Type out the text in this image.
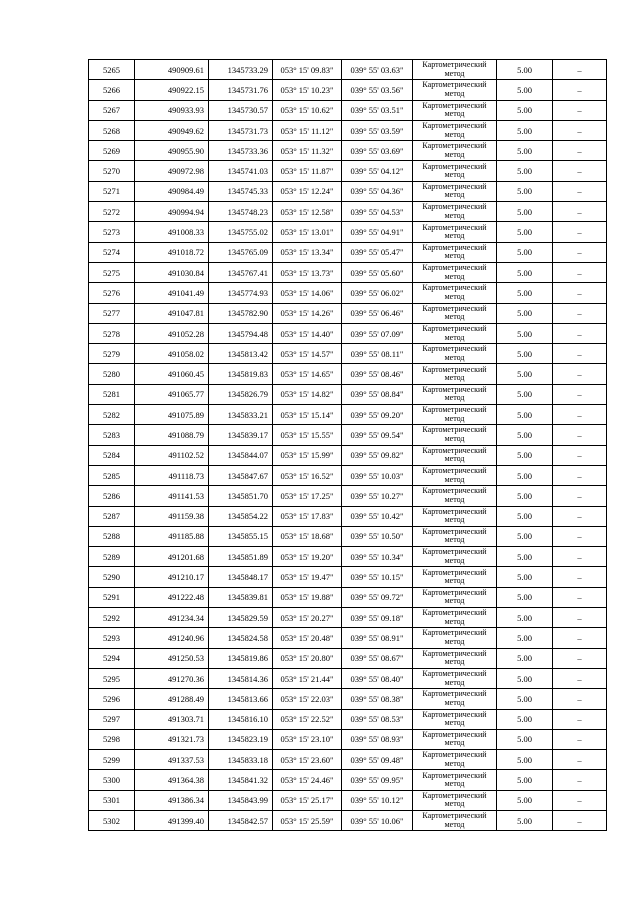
5265	490909.61	1345733.29	053° 15' 09.83"	039° 55' 03.63"	Картометрический метод	5.00	–
5266	490922.15	1345731.76	053° 15' 10.23"	039° 55' 03.56"	Картометрический метод	5.00	–
5267	490933.93	1345730.57	053° 15' 10.62"	039° 55' 03.51"	Картометрический метод	5.00	–
5268	490949.62	1345731.73	053° 15' 11.12"	039° 55' 03.59"	Картометрический метод	5.00	–
5269	490955.90	1345733.36	053° 15' 11.32"	039° 55' 03.69"	Картометрический метод	5.00	–
5270	490972.98	1345741.03	053° 15' 11.87"	039° 55' 04.12"	Картометрический метод	5.00	–
5271	490984.49	1345745.33	053° 15' 12.24"	039° 55' 04.36"	Картометрический метод	5.00	–
5272	490994.94	1345748.23	053° 15' 12.58"	039° 55' 04.53"	Картометрический метод	5.00	–
5273	491008.33	1345755.02	053° 15' 13.01"	039° 55' 04.91"	Картометрический метод	5.00	–
5274	491018.72	1345765.09	053° 15' 13.34"	039° 55' 05.47"	Картометрический метод	5.00	–
5275	491030.84	1345767.41	053° 15' 13.73"	039° 55' 05.60"	Картометрический метод	5.00	–
5276	491041.49	1345774.93	053° 15' 14.06"	039° 55' 06.02"	Картометрический метод	5.00	–
5277	491047.81	1345782.90	053° 15' 14.26"	039° 55' 06.46"	Картометрический метод	5.00	–
5278	491052.28	1345794.48	053° 15' 14.40"	039° 55' 07.09"	Картометрический метод	5.00	–
5279	491058.02	1345813.42	053° 15' 14.57"	039° 55' 08.11"	Картометрический метод	5.00	–
5280	491060.45	1345819.83	053° 15' 14.65"	039° 55' 08.46"	Картометрический метод	5.00	–
5281	491065.77	1345826.79	053° 15' 14.82"	039° 55' 08.84"	Картометрический метод	5.00	–
5282	491075.89	1345833.21	053° 15' 15.14"	039° 55' 09.20"	Картометрический метод	5.00	–
5283	491088.79	1345839.17	053° 15' 15.55"	039° 55' 09.54"	Картометрический метод	5.00	–
5284	491102.52	1345844.07	053° 15' 15.99"	039° 55' 09.82"	Картометрический метод	5.00	–
5285	491118.73	1345847.67	053° 15' 16.52"	039° 55' 10.03"	Картометрический метод	5.00	–
5286	491141.53	1345851.70	053° 15' 17.25"	039° 55' 10.27"	Картометрический метод	5.00	–
5287	491159.38	1345854.22	053° 15' 17.83"	039° 55' 10.42"	Картометрический метод	5.00	–
5288	491185.88	1345855.15	053° 15' 18.68"	039° 55' 10.50"	Картометрический метод	5.00	–
5289	491201.68	1345851.89	053° 15' 19.20"	039° 55' 10.34"	Картометрический метод	5.00	–
5290	491210.17	1345848.17	053° 15' 19.47"	039° 55' 10.15"	Картометрический метод	5.00	–
5291	491222.48	1345839.81	053° 15' 19.88"	039° 55' 09.72"	Картометрический метод	5.00	–
5292	491234.34	1345829.59	053° 15' 20.27"	039° 55' 09.18"	Картометрический метод	5.00	–
5293	491240.96	1345824.58	053° 15' 20.48"	039° 55' 08.91"	Картометрический метод	5.00	–
5294	491250.53	1345819.86	053° 15' 20.80"	039° 55' 08.67"	Картометрический метод	5.00	–
5295	491270.36	1345814.36	053° 15' 21.44"	039° 55' 08.40"	Картометрический метод	5.00	–
5296	491288.49	1345813.66	053° 15' 22.03"	039° 55' 08.38"	Картометрический метод	5.00	–
5297	491303.71	1345816.10	053° 15' 22.52"	039° 55' 08.53"	Картометрический метод	5.00	–
5298	491321.73	1345823.19	053° 15' 23.10"	039° 55' 08.93"	Картометрический метод	5.00	–
5299	491337.53	1345833.18	053° 15' 23.60"	039° 55' 09.48"	Картометрический метод	5.00	–
5300	491364.38	1345841.32	053° 15' 24.46"	039° 55' 09.95"	Картометрический метод	5.00	–
5301	491386.34	1345843.99	053° 15' 25.17"	039° 55' 10.12"	Картометрический метод	5.00	–
5302	491399.40	1345842.57	053° 15' 25.59"	039° 55' 10.06"	Картометрический метод	5.00	–
